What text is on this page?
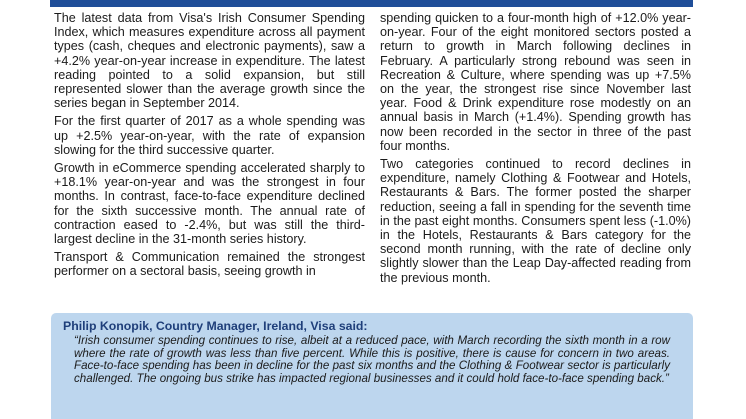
The latest data from Visa's Irish Consumer Spending Index, which measures expenditure across all payment types (cash, cheques and electronic payments), saw a +4.2% year-on-year increase in expenditure. The latest reading pointed to a solid expansion, but still represented slower than the average growth since the series began in September 2014.

For the first quarter of 2017 as a whole spending was up +2.5% year-on-year, with the rate of expansion slowing for the third successive quarter.

Growth in eCommerce spending accelerated sharply to +18.1% year-on-year and was the strongest in four months. In contrast, face-to-face expenditure declined for the sixth successive month. The annual rate of contraction eased to -2.4%, but was still the third-largest decline in the 31-month series history.

Transport & Communication remained the strongest performer on a sectoral basis, seeing growth in

spending quicken to a four-month high of +12.0% year-on-year. Four of the eight monitored sectors posted a return to growth in March following declines in February. A particularly strong rebound was seen in Recreation & Culture, where spending was up +7.5% on the year, the strongest rise since November last year. Food & Drink expenditure rose modestly on an annual basis in March (+1.4%). Spending growth has now been recorded in the sector in three of the past four months.

Two categories continued to record declines in expenditure, namely Clothing & Footwear and Hotels, Restaurants & Bars. The former posted the sharper reduction, seeing a fall in spending for the seventh time in the past eight months. Consumers spent less (-1.0%) in the Hotels, Restaurants & Bars category for the second month running, with the rate of decline only slightly slower than the Leap Day-affected reading from the previous month.

Philip Konopik, Country Manager, Ireland, Visa said:

“Irish consumer spending continues to rise, albeit at a reduced pace, with March recording the sixth month in a row where the rate of growth was less than five percent. While this is positive, there is cause for concern in two areas. Face-to-face spending has been in decline for the past six months and the Clothing & Footwear sector is particularly challenged. The ongoing bus strike has impacted regional businesses and it could hold face-to-face spending back.”
